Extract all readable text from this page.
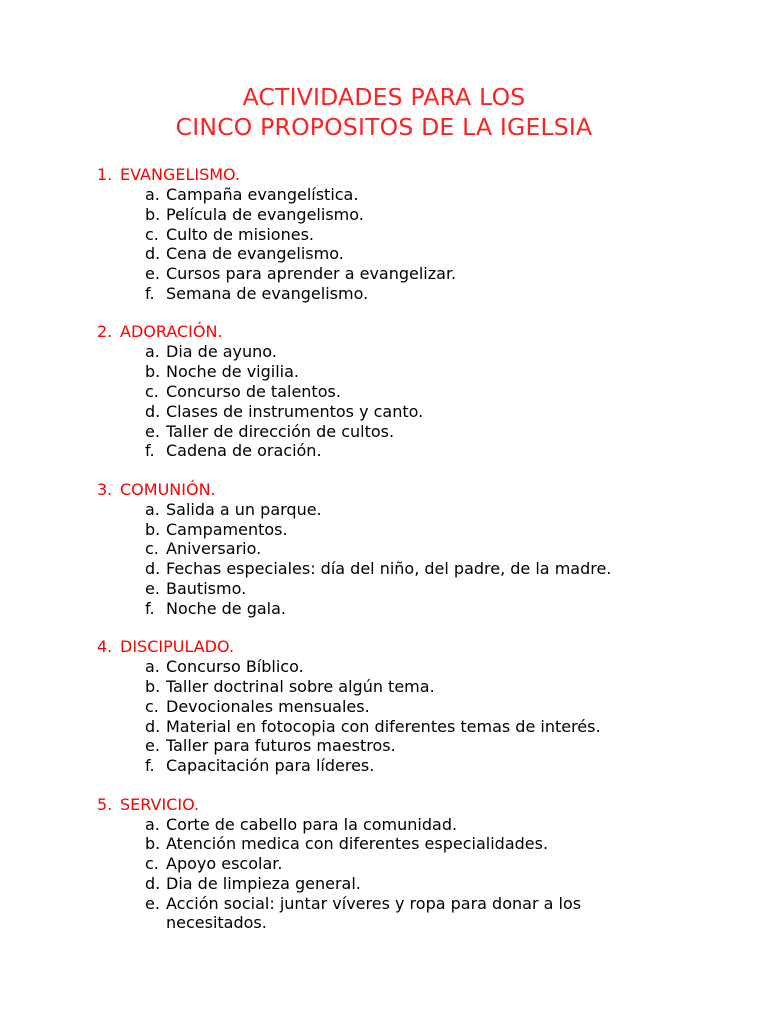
ACTIVIDADES PARA LOS
CINCO PROPOSITOS DE LA IGELSIA
1. EVANGELISMO.
a. Campaña evangelística.
b. Película de evangelismo.
c. Culto de misiones.
d. Cena de evangelismo.
e. Cursos para aprender a evangelizar.
f. Semana de evangelismo.
2. ADORACIÓN.
a. Dia de ayuno.
b. Noche de vigilia.
c. Concurso de talentos.
d. Clases de instrumentos y canto.
e. Taller de dirección de cultos.
f. Cadena de oración.
3. COMUNIÓN.
a. Salida a un parque.
b. Campamentos.
c. Aniversario.
d. Fechas especiales: día del niño, del padre, de la madre.
e. Bautismo.
f. Noche de gala.
4. DISCIPULADO.
a. Concurso Bíblico.
b. Taller doctrinal sobre algún tema.
c. Devocionales mensuales.
d. Material en fotocopia con diferentes temas de interés.
e. Taller para futuros maestros.
f. Capacitación para líderes.
5. SERVICIO.
a. Corte de cabello para la comunidad.
b. Atención medica con diferentes especialidades.
c. Apoyo escolar.
d. Dia de limpieza general.
e. Acción social: juntar víveres y ropa para donar a los necesitados.
